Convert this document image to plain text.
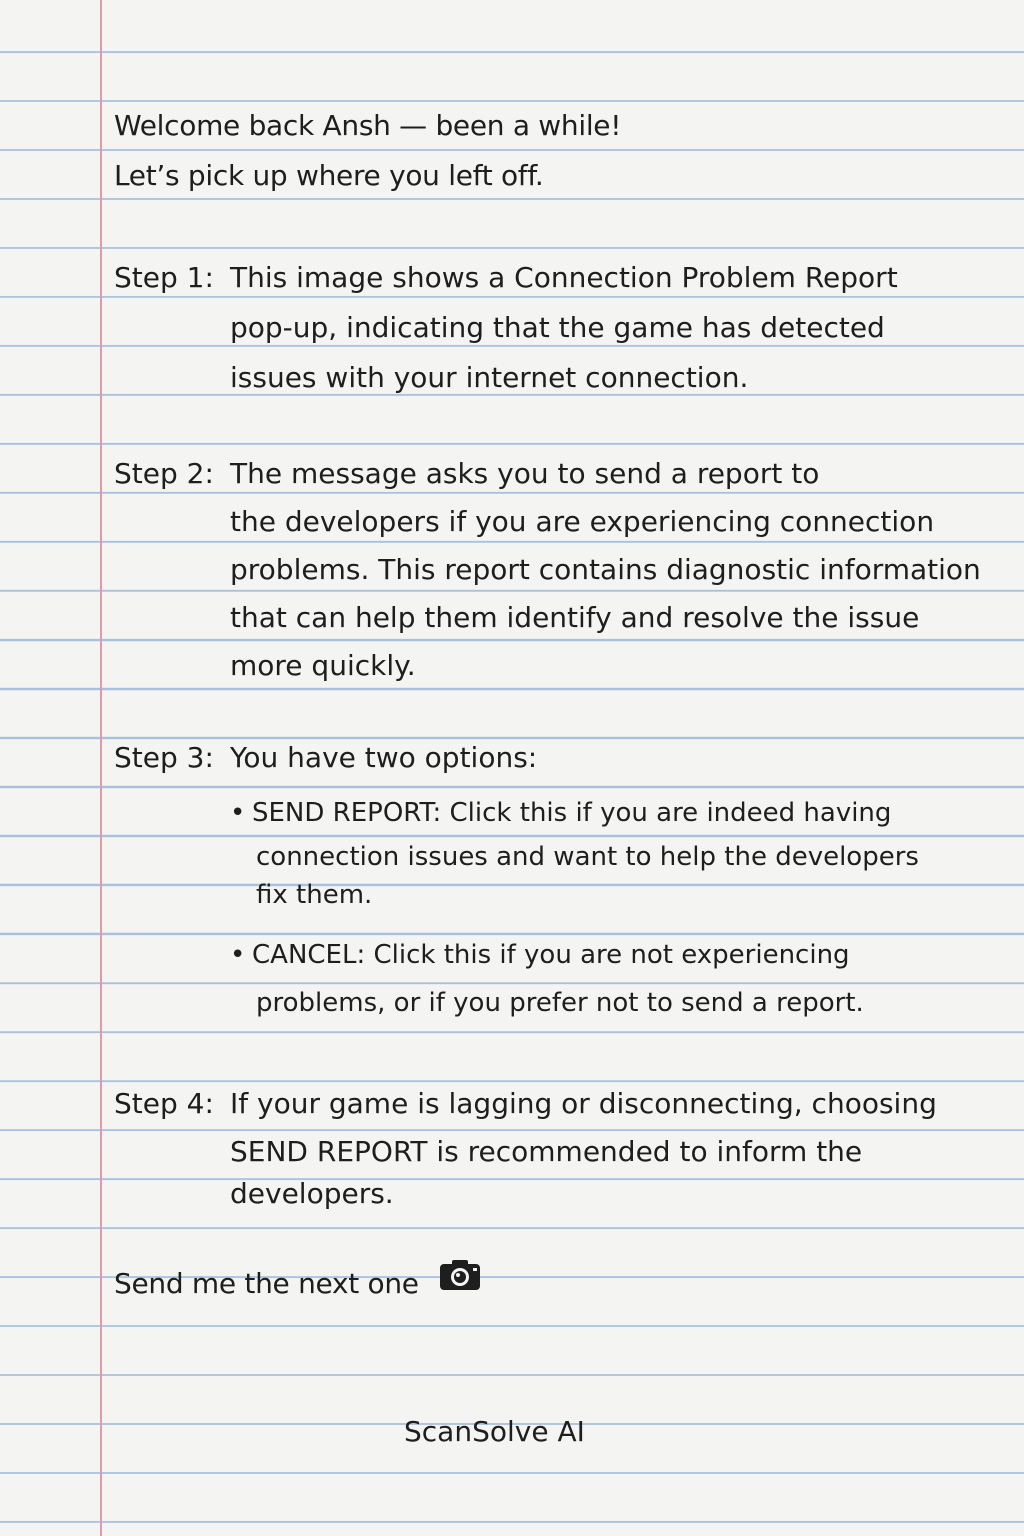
Welcome back Ansh — been a while!

Let’s pick up where you left off.

Step 1: This image shows a Connection Problem Report
pop-up, indicating that the game has detected
issues with your internet connection.
Step 2: The message asks you to send a report to
the developers if you are experiencing connection
problems. This report contains diagnostic information
that can help them identify and resolve the issue
more quickly.
Step 3: You have two options:
• SEND REPORT: Click this if you are indeed having
connection issues and want to help the developers
fix them.
• CANCEL: Click this if you are not experiencing
problems, or if you prefer not to send a report.
Step 4: If your game is lagging or disconnecting, choosing
SEND REPORT is recommended to inform the
developers.

Send me the next one

ScanSolve AI
